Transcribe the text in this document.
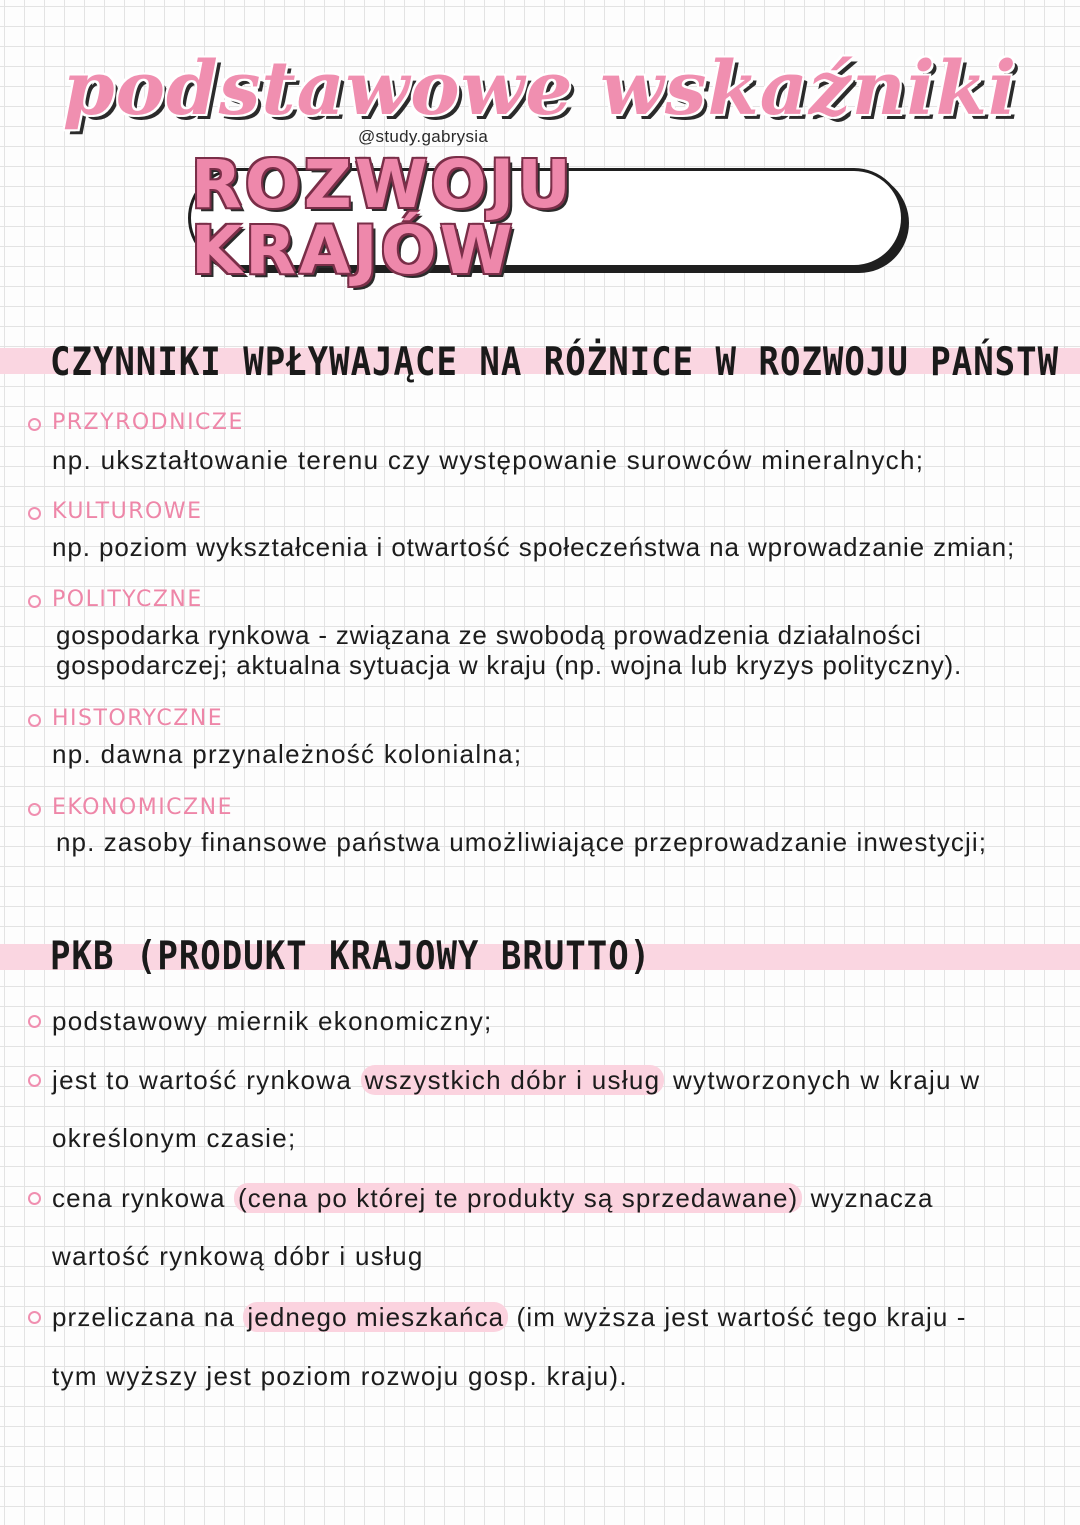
podstawowe wskaźniki
@study.gabrysia
ROZWOJU KRAJÓW
CZYNNIKI WPŁYWAJĄCE NA RÓŻNICE W ROZWOJU PAŃSTW
PRZYRODNICZE
np. ukształtowanie terenu czy występowanie surowców mineralnych;
KULTUROWE
np. poziom wykształcenia i otwartość społeczeństwa na wprowadzanie zmian;
POLITYCZNE
gospodarka rynkowa - związana ze swobodą prowadzenia działalności gospodarczej; aktualna sytuacja w kraju (np. wojna lub kryzys polityczny).
HISTORYCZNE
np. dawna przynależność kolonialna;
EKONOMICZNE
np. zasoby finansowe państwa umożliwiające przeprowadzanie inwestycji;
PKB (PRODUKT KRAJOWY BRUTTO)
podstawowy miernik ekonomiczny;
jest to wartość rynkowa wszystkich dóbr i usług wytworzonych w kraju w
określonym czasie;
cena rynkowa (cena po której te produkty są sprzedawane) wyznacza
wartość rynkową dóbr i usług
przeliczana na jednego mieszkańca (im wyższa jest wartość tego kraju -
tym wyższy jest poziom rozwoju gosp. kraju).
